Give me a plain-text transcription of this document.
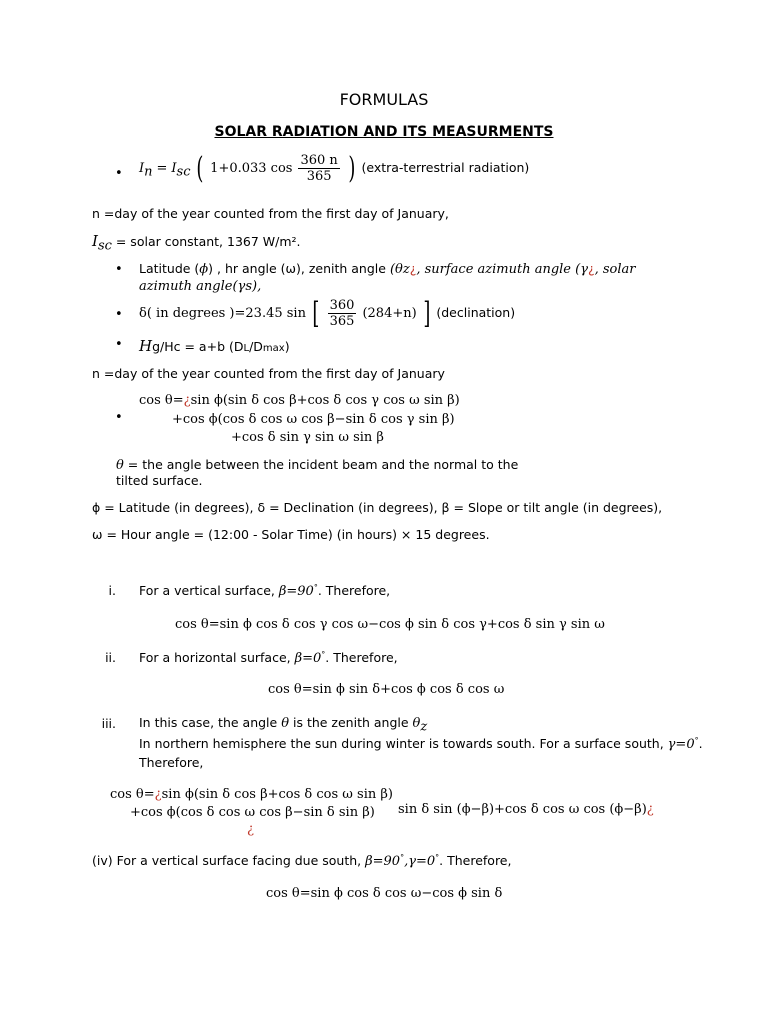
FORMULAS
SOLAR RADIATION AND ITS MEASURMENTS
• $I_n = I_{sc}$ ( 1+0.033 $\cos \frac{360 n}{365}$ ) (extra-terrestrial radiation)
n =day of the year counted from the first day of January,
$I_{sc}$ = solar constant, 1367 W/m².
• Latitude (ϕ) , hr angle (ω), zenith angle (θz¿, surface azimuth angle (γ¿, solar
azimuth angle(γs),
• δ( in degrees )=23.45 sin [ $\frac{360}{365} (284+n)$ ] (declination)
• Hg/Hc = a+b (DL/Dmax)
n =day of the year counted from the first day of January
•
cos θ=¿sin ϕ(sin δ cos β+cos δ cos γ cos ω sin β)
+cos ϕ(cos δ cos ω cos β−sin δ cos γ sin β)
+cos δ sin γ sin ω sin β
θ = the angle between the incident beam and the normal to the
tilted surface.
ϕ = Latitude (in degrees), δ = Declination (in degrees), β = Slope or tilt angle (in degrees),
ω = Hour angle = (12:00 - Solar Time) (in hours) × 15 degrees.
i. For a vertical surface, β=90°. Therefore,
cos θ=sin ϕ cos δ cos γ cos ω−cos ϕ sin δ cos γ+cos δ sin γ sin ω
ii. For a horizontal surface, β=0°. Therefore,
cos θ=sin ϕ sin δ+cos ϕ cos δ cos ω
iii. In this case, the angle θ is the zenith angle $\theta_z$
In northern hemisphere the sun during winter is towards south. For a surface south, γ=0°.
Therefore,
cos θ=¿sin ϕ(sin δ cos β+cos δ cos ω sin β)
+cos ϕ(cos δ cos ω cos β−sin δ sin β)
¿
sin δ sin (ϕ−β)+cos δ cos ω cos (ϕ−β)¿
(iv) For a vertical surface facing due south, β=90°,γ=0°. Therefore,
cos θ=sin ϕ cos δ cos ω−cos ϕ sin δ
